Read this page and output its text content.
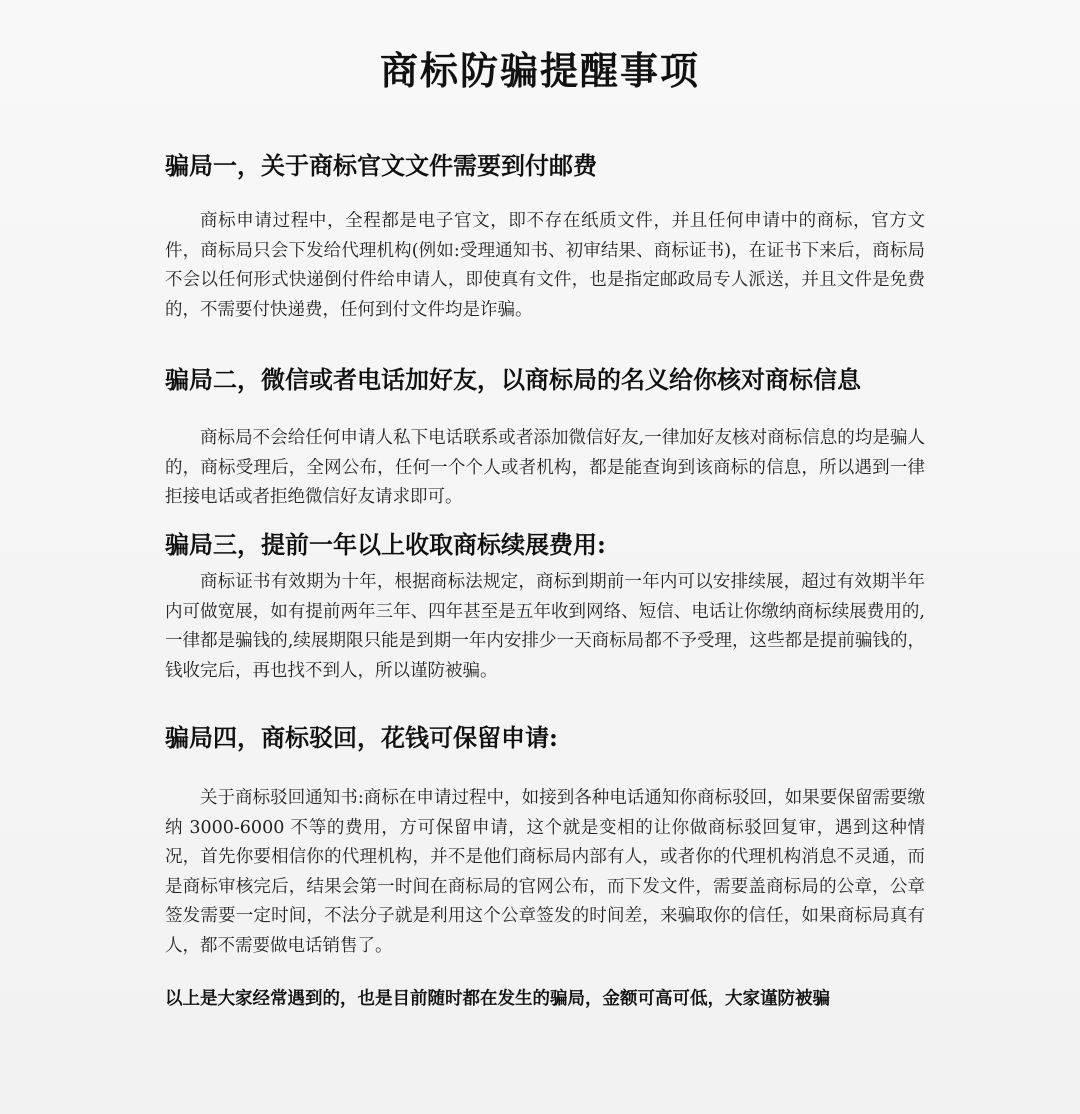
商标防骗提醒事项
骗局一，关于商标官文文件需要到付邮费
商标申请过程中，全程都是电子官文，即不存在纸质文件，并且任何申请中的商标，官方文件，商标局只会下发给代理机构(例如:受理通知书、初审结果、商标证书)，在证书下来后，商标局不会以任何形式快递倒付件给申请人，即使真有文件，也是指定邮政局专人派送，并且文件是免费的，不需要付快递费，任何到付文件均是诈骗。
骗局二，微信或者电话加好友，以商标局的名义给你核对商标信息
商标局不会给任何申请人私下电话联系或者添加微信好友,一律加好友核对商标信息的均是骗人的，商标受理后，全网公布，任何一个个人或者机构，都是能查询到该商标的信息，所以遇到一律拒接电话或者拒绝微信好友请求即可。
骗局三，提前一年以上收取商标续展费用:
商标证书有效期为十年，根据商标法规定，商标到期前一年内可以安排续展，超过有效期半年内可做宽展，如有提前两年三年、四年甚至是五年收到网络、短信、电话让你缴纳商标续展费用的,一律都是骗钱的,续展期限只能是到期一年内安排少一天商标局都不予受理，这些都是提前骗钱的，钱收完后，再也找不到人，所以谨防被骗。
骗局四，商标驳回，花钱可保留申请:
关于商标驳回通知书:商标在申请过程中，如接到各种电话通知你商标驳回，如果要保留需要缴纳 3000-6000 不等的费用，方可保留申请，这个就是变相的让你做商标驳回复审，遇到这种情况，首先你要相信你的代理机构，并不是他们商标局内部有人，或者你的代理机构消息不灵通，而是商标审核完后，结果会第一时间在商标局的官网公布，而下发文件，需要盖商标局的公章，公章签发需要一定时间，不法分子就是利用这个公章签发的时间差，来骗取你的信任，如果商标局真有人，都不需要做电话销售了。
以上是大家经常遇到的，也是目前随时都在发生的骗局，金额可高可低，大家谨防被骗
